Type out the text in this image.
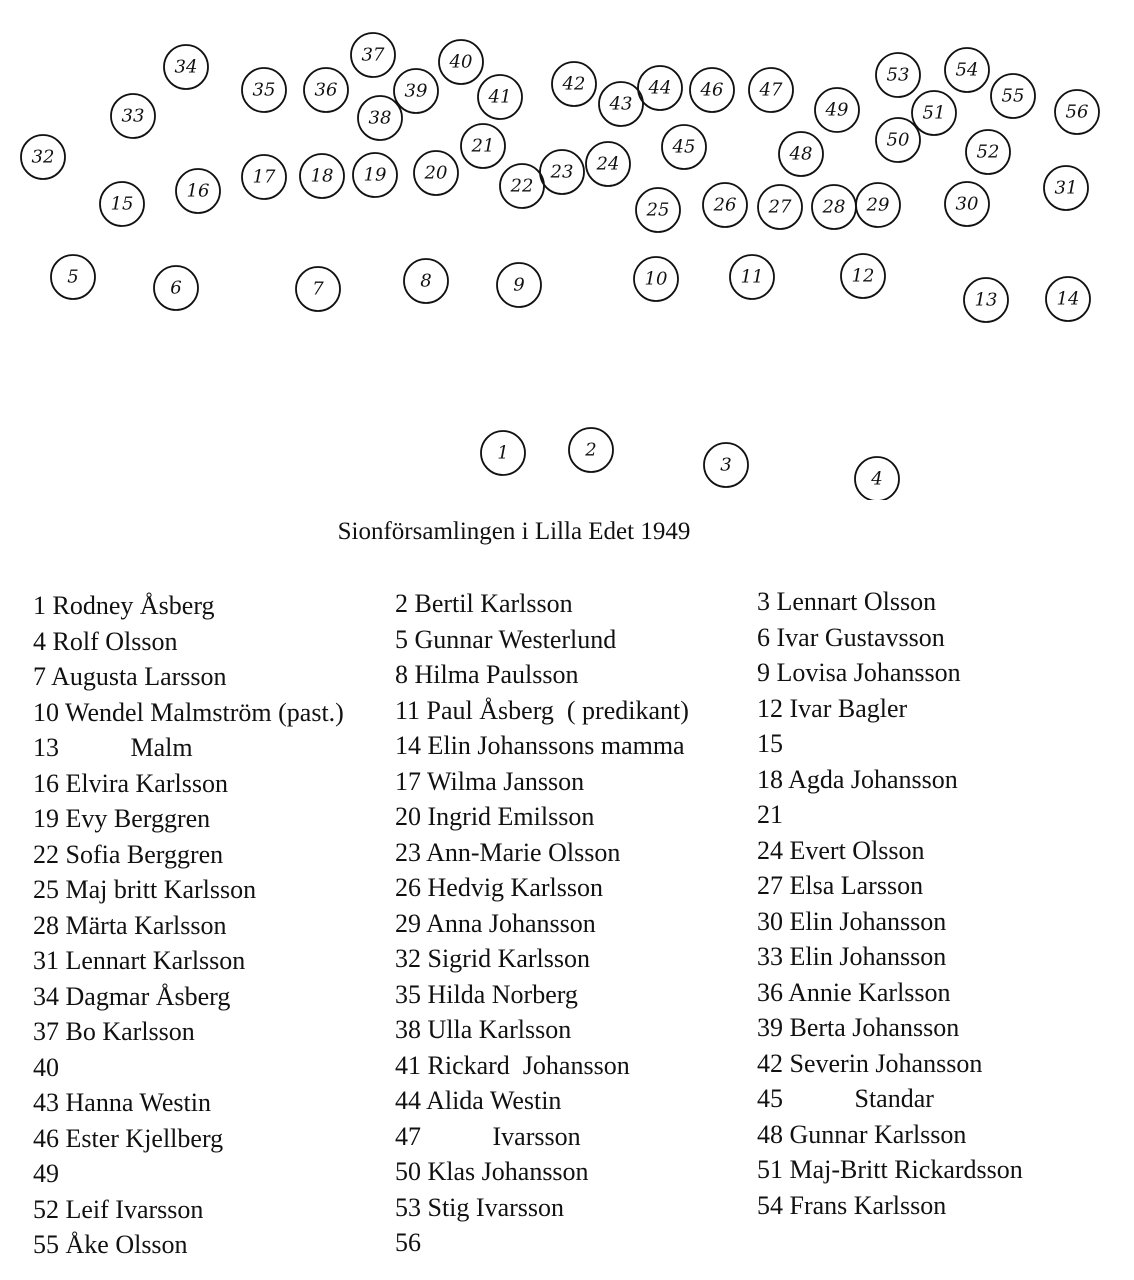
34
37	40
33
35 36	39	41
42
43
44 46 47
49
53	54
51
55
56
38
32
21	45	48
50
52
15
16
17 18 19 20
22
23 24
25 26 27 28 29	30
31
5
6	7	8	9	10	11	12
13	14
1	2
3
4
Sionförsamlingen i Lilla Edet 1949
1 Rodney Åsberg
4 Rolf Olsson
7 Augusta Larsson
10 Wendel Malmström (past.)
13           Malm
16 Elvira Karlsson
19 Evy Berggren
22 Sofia Berggren
25 Maj britt Karlsson
28 Märta Karlsson
31 Lennart Karlsson
34 Dagmar Åsberg
37 Bo Karlsson
40
43 Hanna Westin
46 Ester Kjellberg
49
52 Leif Ivarsson
55 Åke Olsson
2 Bertil Karlsson
5 Gunnar Westerlund
8 Hilma Paulsson
11 Paul Åsberg  ( predikant)
14 Elin Johanssons mamma
17 Wilma Jansson
20 Ingrid Emilsson
23 Ann-Marie Olsson
26 Hedvig Karlsson
29 Anna Johansson
32 Sigrid Karlsson
35 Hilda Norberg
38 Ulla Karlsson
41 Rickard  Johansson
44 Alida Westin
47           Ivarsson
50 Klas Johansson
53 Stig Ivarsson
56
3 Lennart Olsson
6 Ivar Gustavsson
9 Lovisa Johansson
12 Ivar Bagler
15
18 Agda Johansson
21
24 Evert Olsson
27 Elsa Larsson
30 Elin Johansson
33 Elin Johansson
36 Annie Karlsson
39 Berta Johansson
42 Severin Johansson
45           Standar
48 Gunnar Karlsson
51 Maj-Britt Rickardsson
54 Frans Karlsson
